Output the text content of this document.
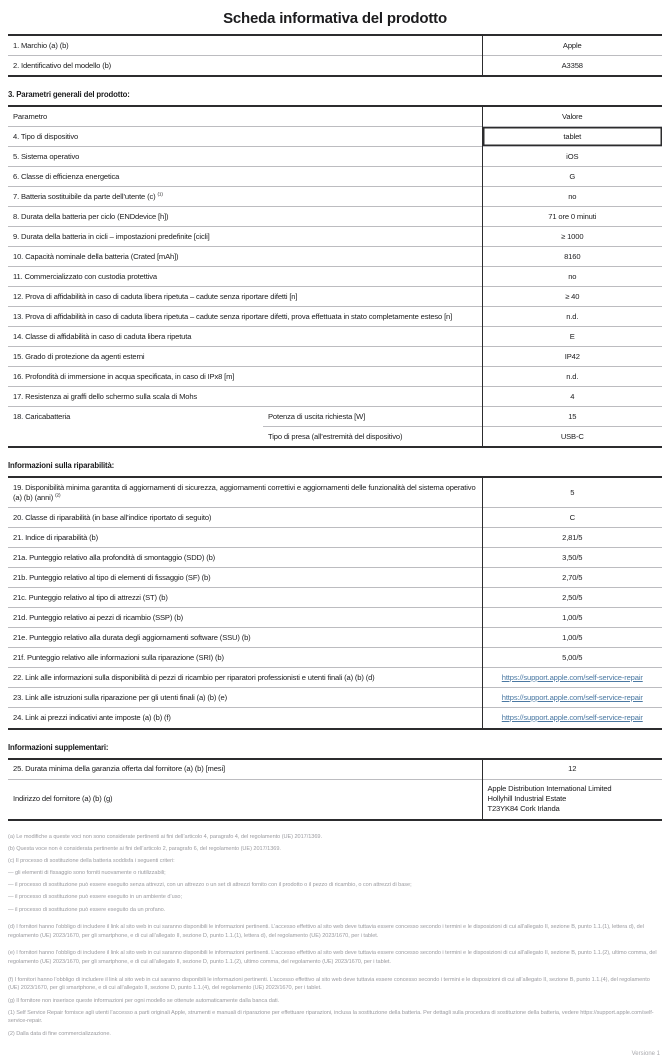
Scheda informativa del prodotto
1. Marchio (a) (b)	Apple
2. Identificativo del modello (b)	A3358
3. Parametri generali del prodotto:
Parametro		Valore
4. Tipo di dispositivo		tablet
5. Sistema operativo		iOS
6. Classe di efficienza energetica		G
7. Batteria sostituibile da parte dell’utente (c) $^{(1)}$		no
8. Durata della batteria per ciclo (ENDdevice [h])		71 ore 0 minuti
9. Durata della batteria in cicli – impostazioni predefinite [cicli]		≥ 1000
10. Capacità nominale della batteria (Crated [mAh])		8160
11. Commercializzato con custodia protettiva		no
12. Prova di affidabilità in caso di caduta libera ripetuta – cadute senza riportare difetti [n]		≥ 40
13. Prova di affidabilità in caso di caduta libera ripetuta – cadute senza riportare difetti, prova effettuata in stato completamente esteso [n]		n.d.
14. Classe di affidabilità in caso di caduta libera ripetuta		E
15. Grado di protezione da agenti esterni		IP42
16. Profondità di immersione in acqua specificata, in caso di IPx8 [m]		n.d.
17. Resistenza ai graffi dello schermo sulla scala di Mohs		4
18. Caricabatteria	Potenza di uscita richiesta [W]	15
	Tipo di presa (all’estremità del dispositivo)	USB-C
Informazioni sulla riparabilità:
19. Disponibilità minima garantita di aggiornamenti di sicurezza, aggiornamenti correttivi e aggiornamenti delle funzionalità del sistema operativo (a) (b) (anni) $^{(2)}$	5
20. Classe di riparabilità (in base all’indice riportato di seguito)	C
21. Indice di riparabilità (b)	2,81/5
21a. Punteggio relativo alla profondità di smontaggio (SDD) (b)	3,50/5
21b. Punteggio relativo al tipo di elementi di fissaggio (SF) (b)	2,70/5
21c. Punteggio relativo al tipo di attrezzi (ST) (b)	2,50/5
21d. Punteggio relativo ai pezzi di ricambio (SSP) (b)	1,00/5
21e. Punteggio relativo alla durata degli aggiornamenti software (SSU) (b)	1,00/5
21f. Punteggio relativo alle informazioni sulla riparazione (SRI) (b)	5,00/5
22. Link alle informazioni sulla disponibilità di pezzi di ricambio per riparatori professionisti e utenti finali (a) (b) (d)	https://support.apple.com/self-service-repair
23. Link alle istruzioni sulla riparazione per gli utenti finali (a) (b) (e)	https://support.apple.com/self-service-repair
24. Link ai prezzi indicativi ante imposte (a) (b) (f)	https://support.apple.com/self-service-repair
Informazioni supplementari:
25. Durata minima della garanzia offerta dal fornitore (a) (b) [mesi]	12
Indirizzo del fornitore (a) (b) (g)	Apple Distribution International Limited
Hollyhill Industrial Estate
T23YK84 Cork Irlanda

(a) Le modifiche a queste voci non sono considerate pertinenti ai fini dell’articolo 4, paragrafo 4, del regolamento (UE) 2017/1369.

(b) Questa voce non è considerata pertinente ai fini dell’articolo 2, paragrafo 6, del regolamento (UE) 2017/1369.

(c) Il processo di sostituzione della batteria soddisfa i seguenti criteri:

— gli elementi di fissaggio sono forniti nuovamente o riutilizzabili;

— il processo di sostituzione può essere eseguito senza attrezzi, con un attrezzo o un set di attrezzi fornito con il prodotto o il pezzo di ricambio, o con attrezzi di base;

— il processo di sostituzione può essere eseguito in un ambiente d’uso;

— il processo di sostituzione può essere eseguito da un profano.

(d) I fornitori hanno l’obbligo di includere il link al sito web in cui saranno disponibili le informazioni pertinenti. L’accesso effettivo al sito web deve tuttavia essere concesso secondo i termini e le disposizioni di cui all’allegato II, sezione B, punto 1.1.(1), lettera d), del regolamento (UE) 2023/1670, per gli smartphone, e di cui all’allegato II, sezione D, punto 1.1.(1), lettera d), del regolamento (UE) 2023/1670, per i tablet.

(e) I fornitori hanno l’obbligo di includere il link al sito web in cui saranno disponibili le informazioni pertinenti. L’accesso effettivo al sito web deve tuttavia essere concesso secondo i termini e le disposizioni di cui all’allegato II, sezione B, punto 1.1.(2), ultimo comma, del regolamento (UE) 2023/1670, per gli smartphone, e di cui all’allegato II, sezione D, punto 1.1.(2), ultimo comma, del regolamento (UE) 2023/1670, per i tablet.

(f) I fornitori hanno l’obbligo di includere il link al sito web in cui saranno disponibili le informazioni pertinenti. L’accesso effettivo al sito web deve tuttavia essere concesso secondo i termini e le disposizioni di cui all’allegato II, sezione B, punto 1.1.(4), del regolamento (UE) 2023/1670, per gli smartphone, e di cui all’allegato II, sezione D, punto 1.1.(4), del regolamento (UE) 2023/1670, per i tablet.

(g) Il fornitore non inserisce queste informazioni per ogni modello se ottenute automaticamente dalla banca dati.

(1) Self Service Repair fornisce agli utenti l’accesso a parti originali Apple, strumenti e manuali di riparazione per effettuare riparazioni, inclusa la sostituzione della batteria. Per dettagli sulla procedura di sostituzione della batteria, vedere https://support.apple.com/self-service-repair.

(2) Dalla data di fine commercializzazione.

Versione 1
